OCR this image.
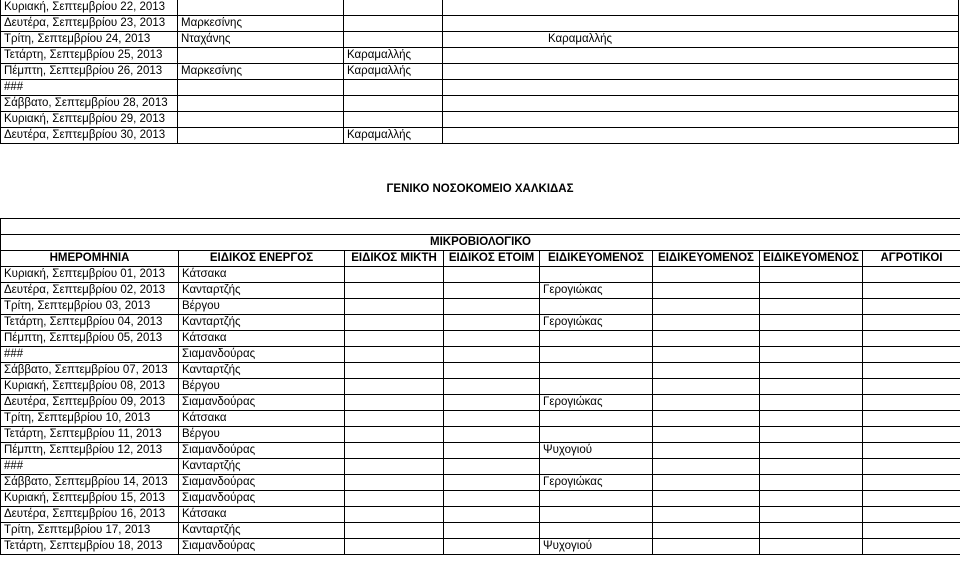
Κυριακή, Σεπτεμβρίου 22, 2013			
Δευτέρα, Σεπτεμβρίου 23, 2013	Μαρκεσίνης		
Τρίτη, Σεπτεμβρίου 24, 2013	Νταχάνης		Καραμαλλής
Τετάρτη, Σεπτεμβρίου 25, 2013		Καραμαλλής	
Πέμπτη, Σεπτεμβρίου 26, 2013	Μαρκεσίνης	Καραμαλλής	
###			
Σάββατο, Σεπτεμβρίου 28, 2013			
Κυριακή, Σεπτεμβρίου 29, 2013			
Δευτέρα, Σεπτεμβρίου 30, 2013		Καραμαλλής	
ΓΕΝΙΚΟ ΝΟΣΟΚΟΜΕΙΟ ΧΑΛΚΙΔΑΣ

ΜΙΚΡΟΒΙΟΛΟΓΙΚΟ							
ΗΜΕΡΟΜΗΝΙΑ	ΕΙΔΙΚΟΣ ΕΝΕΡΓΟΣ	ΕΙΔΙΚΟΣ ΜΙΚΤΗ	ΕΙΔΙΚΟΣ ΕΤΟΙΜ	ΕΙΔΙΚΕΥΟΜΕΝΟΣ	ΕΙΔΙΚΕΥΟΜΕΝΟΣ	ΕΙΔΙΚΕΥΟΜΕΝΟΣ	ΑΓΡΟΤΙΚΟΙ
Κυριακή, Σεπτεμβρίου 01, 2013	Κάτσακα						
Δευτέρα, Σεπτεμβρίου 02, 2013	Κανταρτζής			Γερογιώκας			
Τρίτη, Σεπτεμβρίου 03, 2013	Βέργου						
Τετάρτη, Σεπτεμβρίου 04, 2013	Κανταρτζής			Γερογιώκας			
Πέμπτη, Σεπτεμβρίου 05, 2013	Κάτσακα						
###	Σιαμανδούρας						
Σάββατο, Σεπτεμβρίου 07, 2013	Κανταρτζής						
Κυριακή, Σεπτεμβρίου 08, 2013	Βέργου						
Δευτέρα, Σεπτεμβρίου 09, 2013	Σιαμανδούρας			Γερογιώκας			
Τρίτη, Σεπτεμβρίου 10, 2013	Κάτσακα						
Τετάρτη, Σεπτεμβρίου 11, 2013	Βέργου						
Πέμπτη, Σεπτεμβρίου 12, 2013	Σιαμανδούρας			Ψυχογιού			
###	Κανταρτζής						
Σάββατο, Σεπτεμβρίου 14, 2013	Σιαμανδούρας			Γερογιώκας			
Κυριακή, Σεπτεμβρίου 15, 2013	Σιαμανδούρας						
Δευτέρα, Σεπτεμβρίου 16, 2013	Κάτσακα						
Τρίτη, Σεπτεμβρίου 17, 2013	Κανταρτζής						
Τετάρτη, Σεπτεμβρίου 18, 2013	Σιαμανδούρας			Ψυχογιού			
